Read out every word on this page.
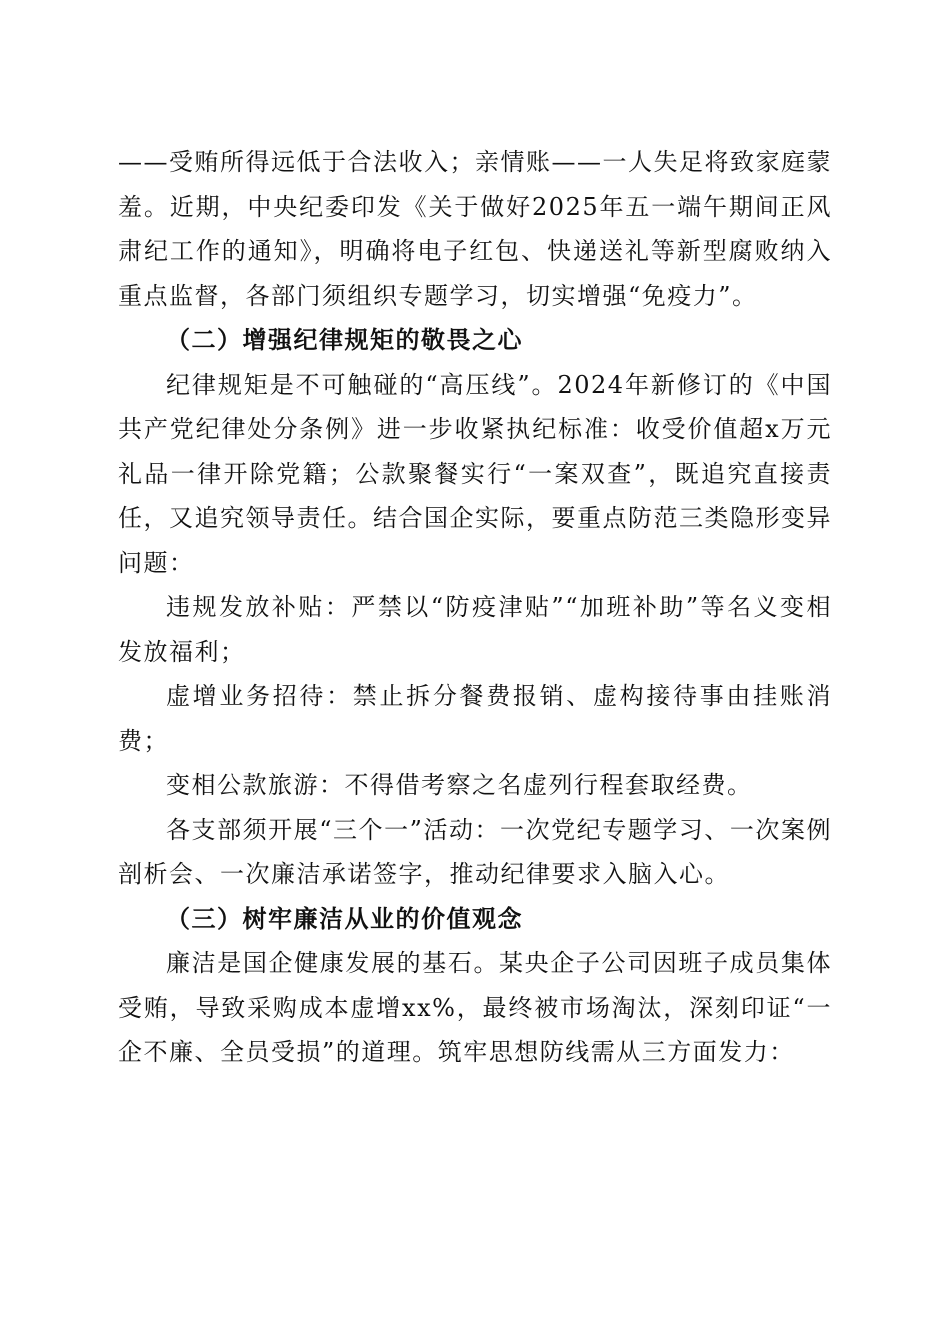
——受贿所得远低于合法收入；亲情账——一人失足将致家庭蒙羞。近期，中央纪委印发《关于做好2025年五一端午期间正风肃纪工作的通知》，明确将电子红包、快递送礼等新型腐败纳入重点监督，各部门须组织专题学习，切实增强“免疫力”。

（二）增强纪律规矩的敬畏之心

纪律规矩是不可触碰的“高压线”。2024年新修订的《中国共产党纪律处分条例》进一步收紧执纪标准：收受价值超x万元礼品一律开除党籍；公款聚餐实行“一案双查”，既追究直接责任，又追究领导责任。结合国企实际，要重点防范三类隐形变异问题：

违规发放补贴：严禁以“防疫津贴”“加班补助”等名义变相发放福利；

虚增业务招待：禁止拆分餐费报销、虚构接待事由挂账消费；

变相公款旅游：不得借考察之名虚列行程套取经费。

各支部须开展“三个一”活动：一次党纪专题学习、一次案例剖析会、一次廉洁承诺签字，推动纪律要求入脑入心。

（三）树牢廉洁从业的价值观念

廉洁是国企健康发展的基石。某央企子公司因班子成员集体受贿，导致采购成本虚增xx%，最终被市场淘汰，深刻印证“一企不廉、全员受损”的道理。筑牢思想防线需从三方面发力：
